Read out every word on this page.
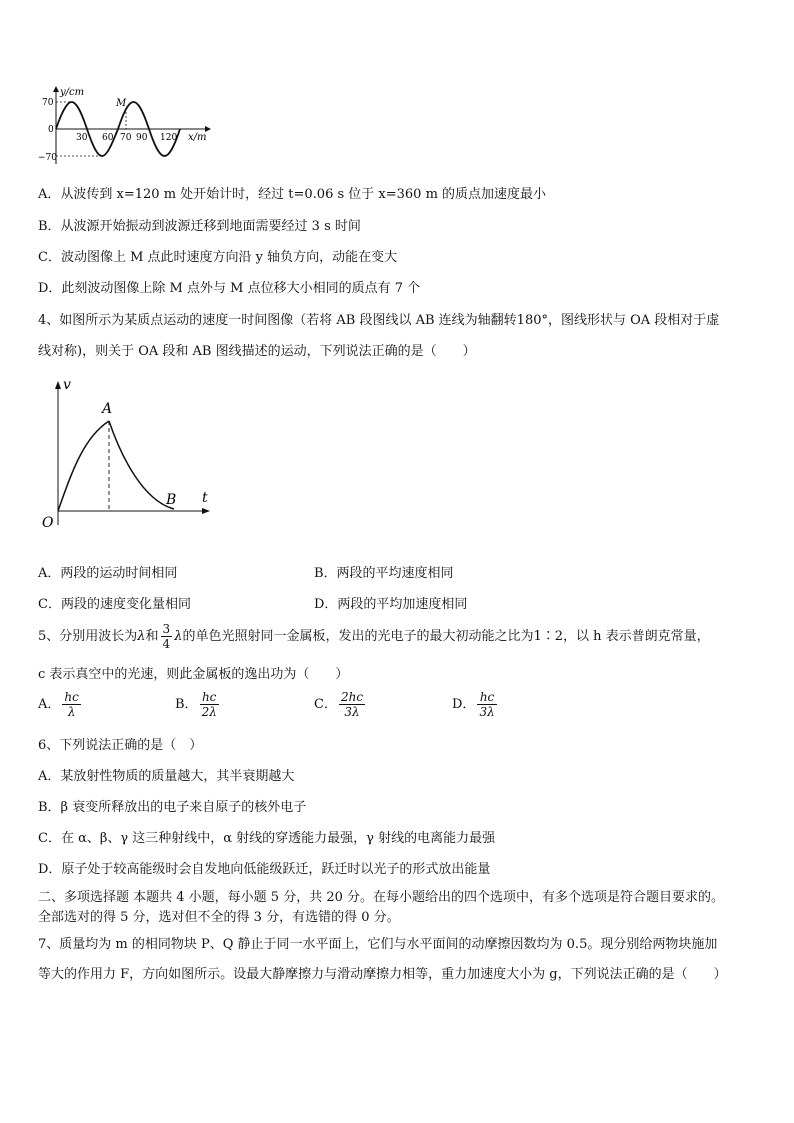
y/cm
70
0
−70
30 60 70 90 120 x/m
M
A．从波传到 x=120 m 处开始计时，经过 t=0.06 s 位于 x=360 m 的质点加速度最小
B．从波源开始振动到波源迁移到地面需要经过 3 s 时间
C．波动图像上 M 点此时速度方向沿 y 轴负方向，动能在变大
D．此刻波动图像上除 M 点外与 M 点位移大小相同的质点有 7 个
4、如图所示为某质点运动的速度一时间图像（若将 AB 段图线以 AB 连线为轴翻转180°，图线形状与 OA 段相对于虚
线对称)，则关于 OA 段和 AB 图线描述的运动，下列说法正确的是（　　）
v
A
B t
O
A．两段的运动时间相同	B．两段的平均速度相同
C．两段的速度变化量相同	D．两段的平均加速度相同
5、分别用波长为λ和 $\frac{3}{4}$ λ的单色光照射同一金属板，发出的光电子的最大初动能之比为1∶2，以 h 表示普朗克常量，
c 表示真空中的光速，则此金属板的逸出功为（　　）
A． $\frac{hc}{\lambda}$	B． $\frac{hc}{2\lambda}$	C． $\frac{2hc}{3\lambda}$	D． $\frac{hc}{3\lambda}$
6、下列说法正确的是（　）
A．某放射性物质的质量越大，其半衰期越大
B．β 衰变所释放出的电子来自原子的核外电子
C．在 α、β、γ 这三种射线中，α 射线的穿透能力最强，γ 射线的电离能力最强
D．原子处于较高能级时会自发地向低能级跃迁，跃迁时以光子的形式放出能量
二、多项选择题 本题共 4 小题，每小题 5 分，共 20 分。在每小题给出的四个选项中，有多个选项是符合题目要求的。
全部选对的得 5 分，选对但不全的得 3 分，有选错的得 0 分。
7、质量均为 m 的相同物块 P、Q 静止于同一水平面上，它们与水平面间的动摩擦因数均为 0.5。现分别给两物块施加
等大的作用力 F，方向如图所示。设最大静摩擦力与滑动摩擦力相等，重力加速度大小为 g，下列说法正确的是（　　）
